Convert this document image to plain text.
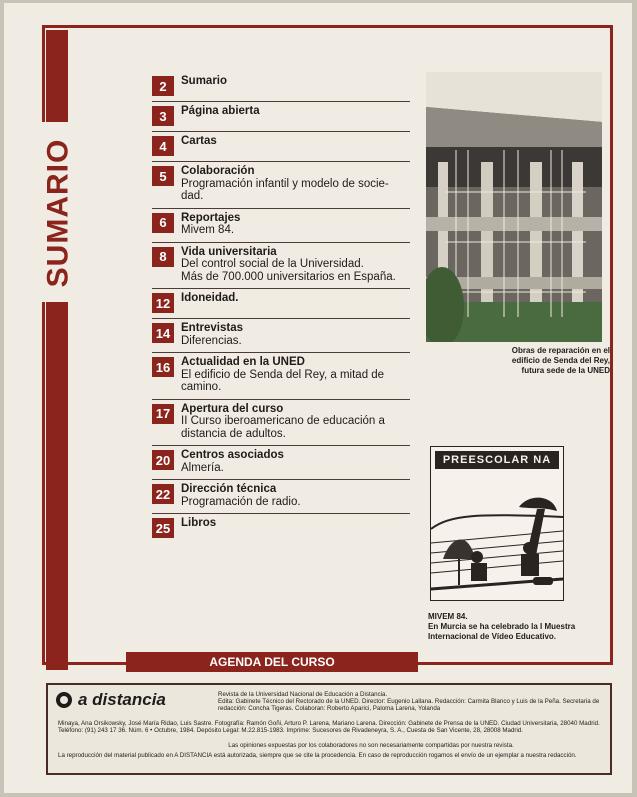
SUMARIO
2	Sumario
3	Página abierta
4	Cartas
5	Colaboración
Programación infantil y modelo de socie-
dad.
6	Reportajes
Mivem 84.
8	Vida universitaria
Del control social de la Universidad.
Más de 700.000 universitarios en España.
12 Idoneidad.
14 Entrevistas
Diferencias.
16 Actualidad en la UNED
El edificio de Senda del Rey, a mitad de
camino.
17 Apertura del curso
II Curso iberoamericano de educación a
distancia de adultos.
20 Centros asociados
Almería.
22 Dirección técnica
Programación de radio.
25 Libros
Obras de reparación en el edificio de Senda del Rey, futura sede de la UNED
PREESCOLAR NA
MIVEM 84.
En Murcia se ha celebrado la I Muestra Internacional de Vídeo Educativo.
AGENDA DEL CURSO
a distancia	Revista de la Universidad Nacional de Educación a Distancia.
Edita: Gabinete Técnico del Rectorado de la UNED. Director: Eugenio Lallana. Redacción: Carmita Blanco y Luis de la Peña. Secretaria de redacción: Concha Tigeras. Colaboran: Roberto Aparici, Paloma Larena, Yolanda

Minaya, Ana Orsikowsky, José María Ridao, Luis Sastre. Fotografía: Ramón Goñi, Arturo P. Larena, Mariano Larena. Dirección: Gabinete de Prensa de la UNED. Ciudad Universitaria, 28040 Madrid. Teléfono: (91) 243 17 36. Núm. 6 • Octubre, 1984. Depósito Legal: M.22.815-1983. Imprime: Sucesores de Rivadeneyra, S. A., Cuesta de San Vicente, 28, 28008 Madrid.

Las opiniones expuestas por los colaboradores no son necesariamente compartidas por nuestra revista.

La reproducción del material publicado en A DISTANCIA está autorizada, siempre que se cite la procedencia. En caso de reproducción rogamos el envío de un ejemplar a nuestra redacción.
